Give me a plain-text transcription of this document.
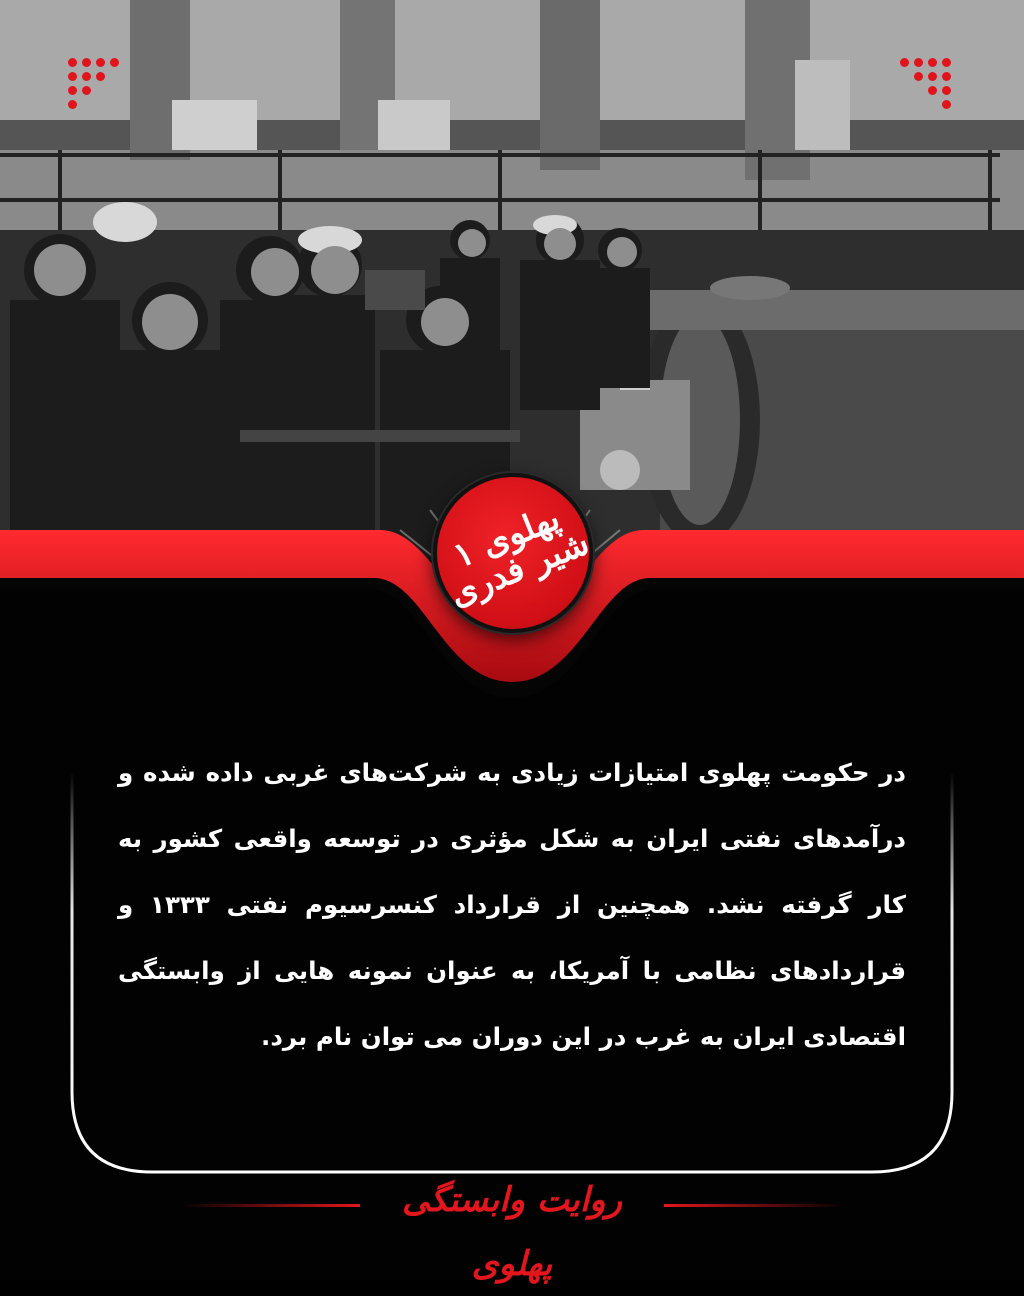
پهلوی ۱ شیر فدری
در حکومت پهلوی امتیازات زیادی به شرکت‌های غربی داده شده و درآمدهای نفتی ایران به شکل مؤثری در توسعه واقعی کشور به کار گرفته نشد. همچنین از قرارداد کنسرسیوم نفتی ۱۳۳۳ و قراردادهای نظامی با آمریکا، به عنوان نمونه هایی از وابستگی اقتصادی ایران به غرب در این دوران می توان نام برد.
روایت وابستگی پهلوی
